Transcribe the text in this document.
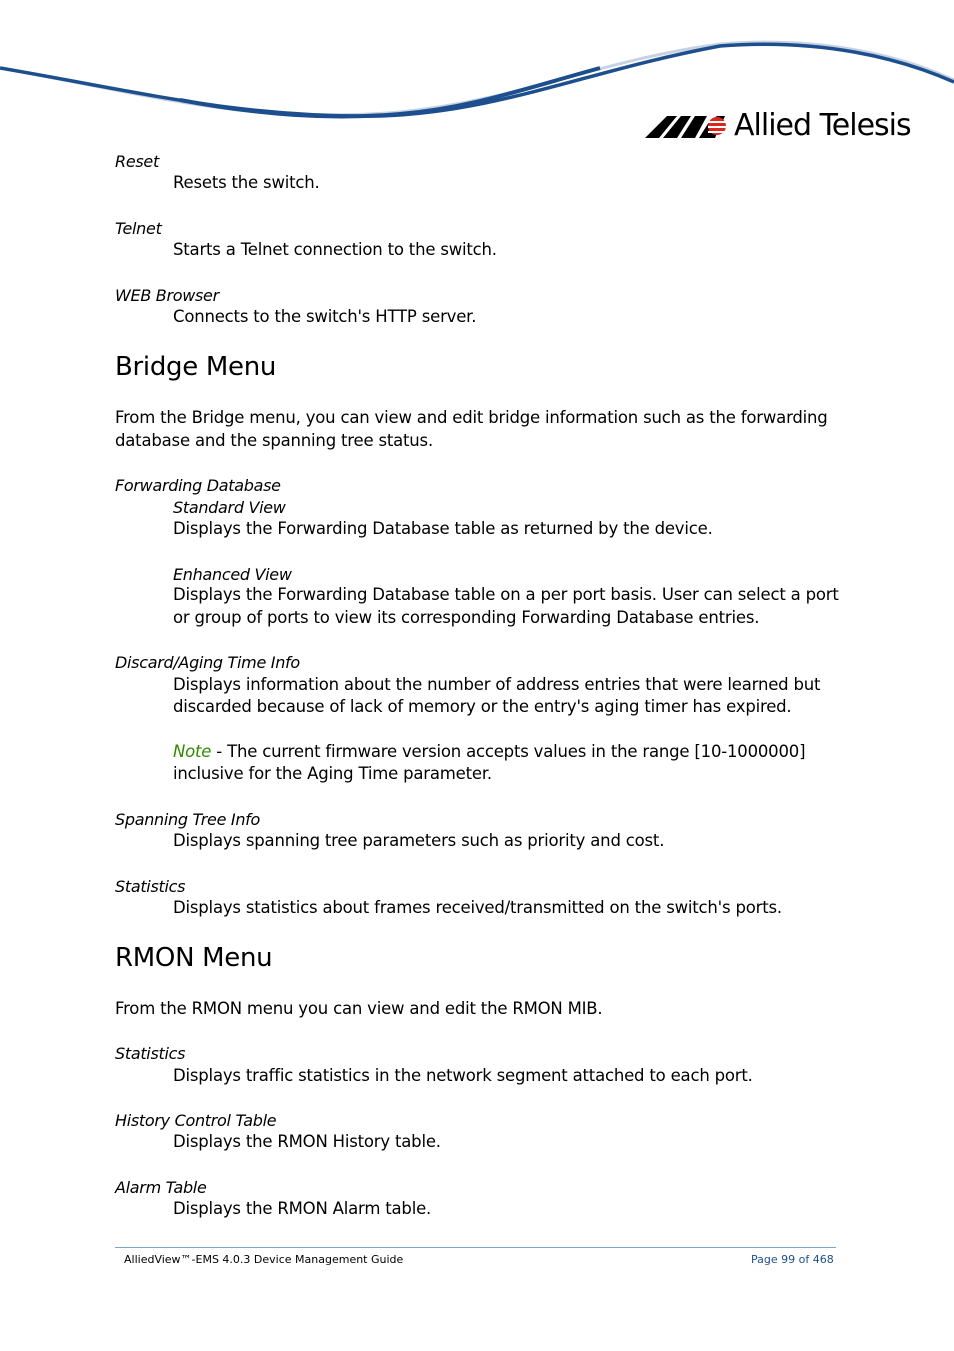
Allied Telesis
Reset
Resets the switch.
Telnet
Starts a Telnet connection to the switch.
WEB Browser
Connects to the switch's HTTP server.
Bridge Menu
From the Bridge menu, you can view and edit bridge information such as the forwarding
database and the spanning tree status.
Forwarding Database
Standard View
Displays the Forwarding Database table as returned by the device.
Enhanced View
Displays the Forwarding Database table on a per port basis. User can select a port
or group of ports to view its corresponding Forwarding Database entries.
Discard/Aging Time Info
Displays information about the number of address entries that were learned but
discarded because of lack of memory or the entry's aging timer has expired.
Note - The current firmware version accepts values in the range [10-1000000]
inclusive for the Aging Time parameter.
Spanning Tree Info
Displays spanning tree parameters such as priority and cost.
Statistics
Displays statistics about frames received/transmitted on the switch's ports.
RMON Menu
From the RMON menu you can view and edit the RMON MIB.
Statistics
Displays traffic statistics in the network segment attached to each port.
History Control Table
Displays the RMON History table.
Alarm Table
Displays the RMON Alarm table.
AlliedView™-EMS 4.0.3 Device Management Guide	Page 99 of 468
